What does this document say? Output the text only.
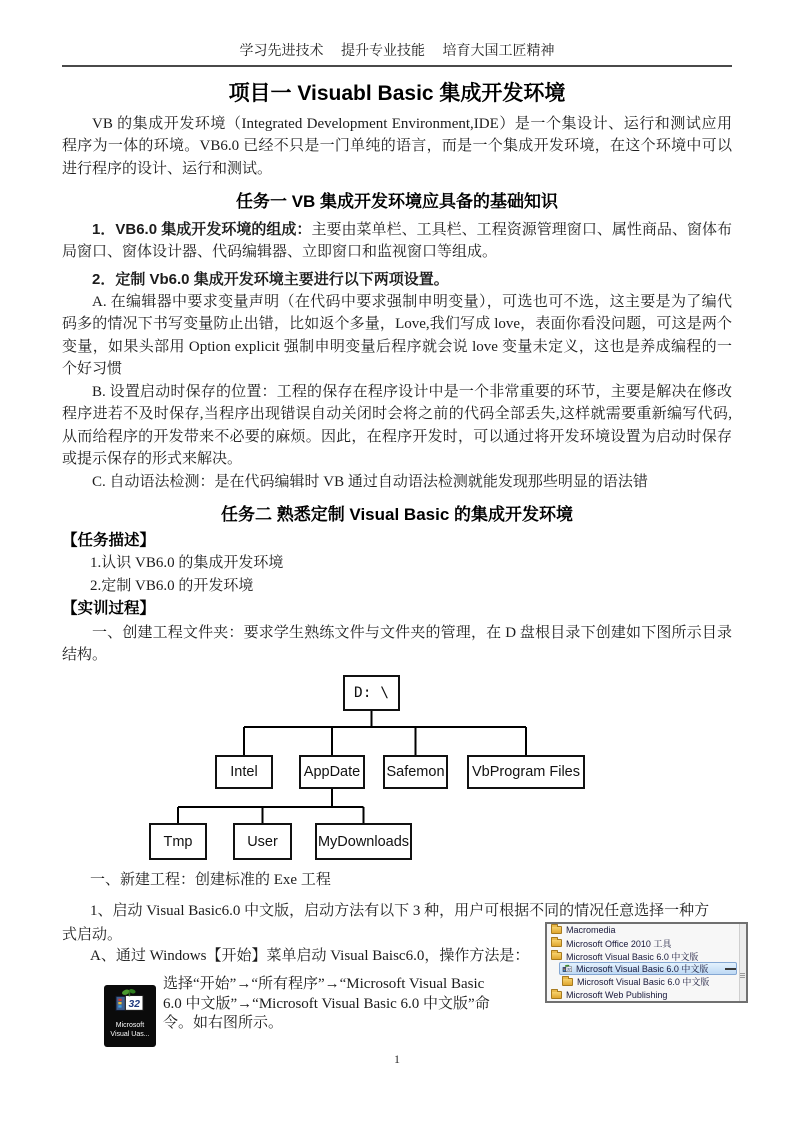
学习先进技术　 提升专业技能　 培育大国工匠精神
项目一 Visuabl Basic 集成开发环境
VB 的集成开发环境（Integrated Development Environment,IDE）是一个集设计、运行和测试应用程序为一体的环境。VB6.0 已经不只是一门单纯的语言，而是一个集成开发环境，在这个环境中可以进行程序的设计、运行和测试。
任务一 VB 集成开发环境应具备的基础知识
1．VB6.0 集成开发环境的组成：主要由菜单栏、工具栏、工程资源管理窗口、属性商品、窗体布局窗口、窗体设计器、代码编辑器、立即窗口和监视窗口等组成。
2．定制 Vb6.0 集成开发环境主要进行以下两项设置。
A. 在编辑器中要求变量声明（在代码中要求强制申明变量），可选也可不选，这主要是为了编代码多的情况下书写变量防止出错，比如返个多量，Love,我们写成 love，表面你看没问题，可这是两个变量，如果头部用 Option explicit 强制申明变量后程序就会说 love 变量未定义，这也是养成编程的一个好习惯
B. 设置启动时保存的位置：工程的保存在程序设计中是一个非常重要的环节，主要是解决在修改程序进若不及时保存,当程序出现错误自动关闭时会将之前的代码全部丢失,这样就需要重新编写代码,从而给程序的开发带来不必要的麻烦。因此，在程序开发时，可以通过将开发环境设置为启动时保存或提示保存的形式来解决。
C. 自动语法检测：是在代码编辑时 VB 通过自动语法检测就能发现那些明显的语法错
任务二 熟悉定制 Visual Basic 的集成开发环境
【任务描述】
1.认识 VB6.0 的集成开发环境
2.定制 VB6.0 的开发环境
【实训过程】
一、创建工程文件夹：要求学生熟练文件与文件夹的管理，在 D 盘根目录下创建如下图所示目录结构。
D: \
Intel	AppDate	Safemon	VbProgram Files
Tmp	User	MyDownloads
一、新建工程：创建标准的 Exe 工程
1、启动 Visual Basic6.0 中文版，启动方法有以下 3 种，用户可根据不同的情况任意选择一种方
式启动。
A、通过 Windows【开始】菜单启动 Visual Baisc6.0，操作方法是：
选择“开始”→“所有程序”→“Microsoft Visual Basic
6.0 中文版”→“Microsoft Visual Basic 6.0 中文版”命
令。如右图所示。
Macromedia
Microsoft Office 2010 工具
Microsoft Visual Basic 6.0 中文版
Microsoft Visual Basic 6.0 中文版
Microsoft Visual Basic 6.0 中文版
Microsoft Web Publishing
Microsoft
Visual Uas...
1
